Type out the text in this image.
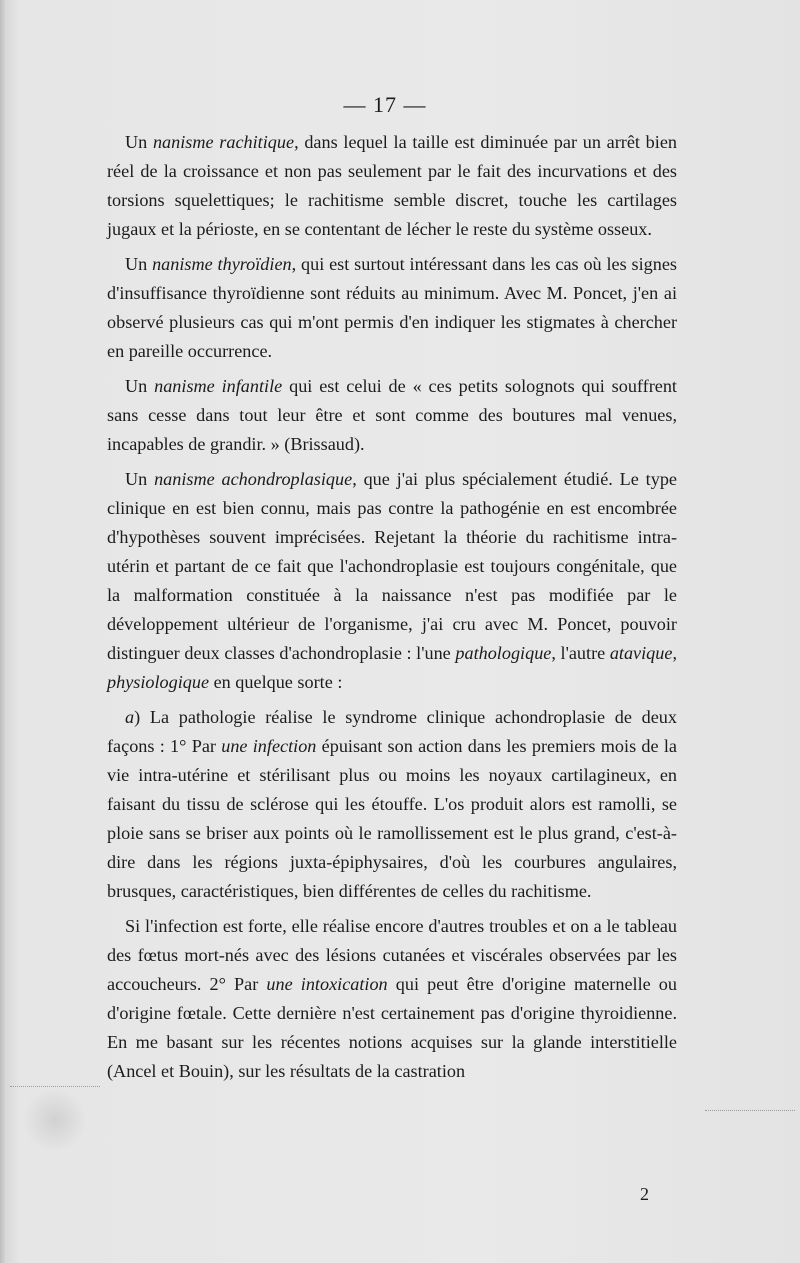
— 17 —

Un nanisme rachitique, dans lequel la taille est diminuée par un arrêt bien réel de la croissance et non pas seulement par le fait des incurvations et des torsions squelettiques; le rachitisme semble discret, touche les cartilages jugaux et la périoste, en se contentant de lécher le reste du système osseux.

Un nanisme thyroïdien, qui est surtout intéressant dans les cas où les signes d'insuffisance thyroïdienne sont réduits au minimum. Avec M. Poncet, j'en ai observé plusieurs cas qui m'ont permis d'en indiquer les stigmates à chercher en pareille occurrence.

Un nanisme infantile qui est celui de « ces petits solognots qui souffrent sans cesse dans tout leur être et sont comme des boutures mal venues, incapables de grandir. » (Brissaud).

Un nanisme achondroplasique, que j'ai plus spécialement étudié. Le type clinique en est bien connu, mais pas contre la pathogénie en est encombrée d'hypothèses souvent imprécisées. Rejetant la théorie du rachitisme intra-utérin et partant de ce fait que l'achondroplasie est toujours congénitale, que la malformation constituée à la naissance n'est pas modifiée par le développement ultérieur de l'organisme, j'ai cru avec M. Poncet, pouvoir distinguer deux classes d'achondroplasie : l'une pathologique, l'autre atavique, physiologique en quelque sorte :

a) La pathologie réalise le syndrome clinique achondroplasie de deux façons : 1° Par une infection épuisant son action dans les premiers mois de la vie intra-utérine et stérilisant plus ou moins les noyaux cartilagineux, en faisant du tissu de sclérose qui les étouffe. L'os produit alors est ramolli, se ploie sans se briser aux points où le ramollissement est le plus grand, c'est-à-dire dans les régions juxta-épiphysaires, d'où les courbures angulaires, brusques, caractéristiques, bien différentes de celles du rachitisme.

Si l'infection est forte, elle réalise encore d'autres troubles et on a le tableau des fœtus mort-nés avec des lésions cutanées et viscérales observées par les accoucheurs. 2° Par une intoxication qui peut être d'origine maternelle ou d'origine fœtale. Cette dernière n'est certainement pas d'origine thyroidienne. En me basant sur les récentes notions acquises sur la glande interstitielle (Ancel et Bouin), sur les résultats de la castration

2
